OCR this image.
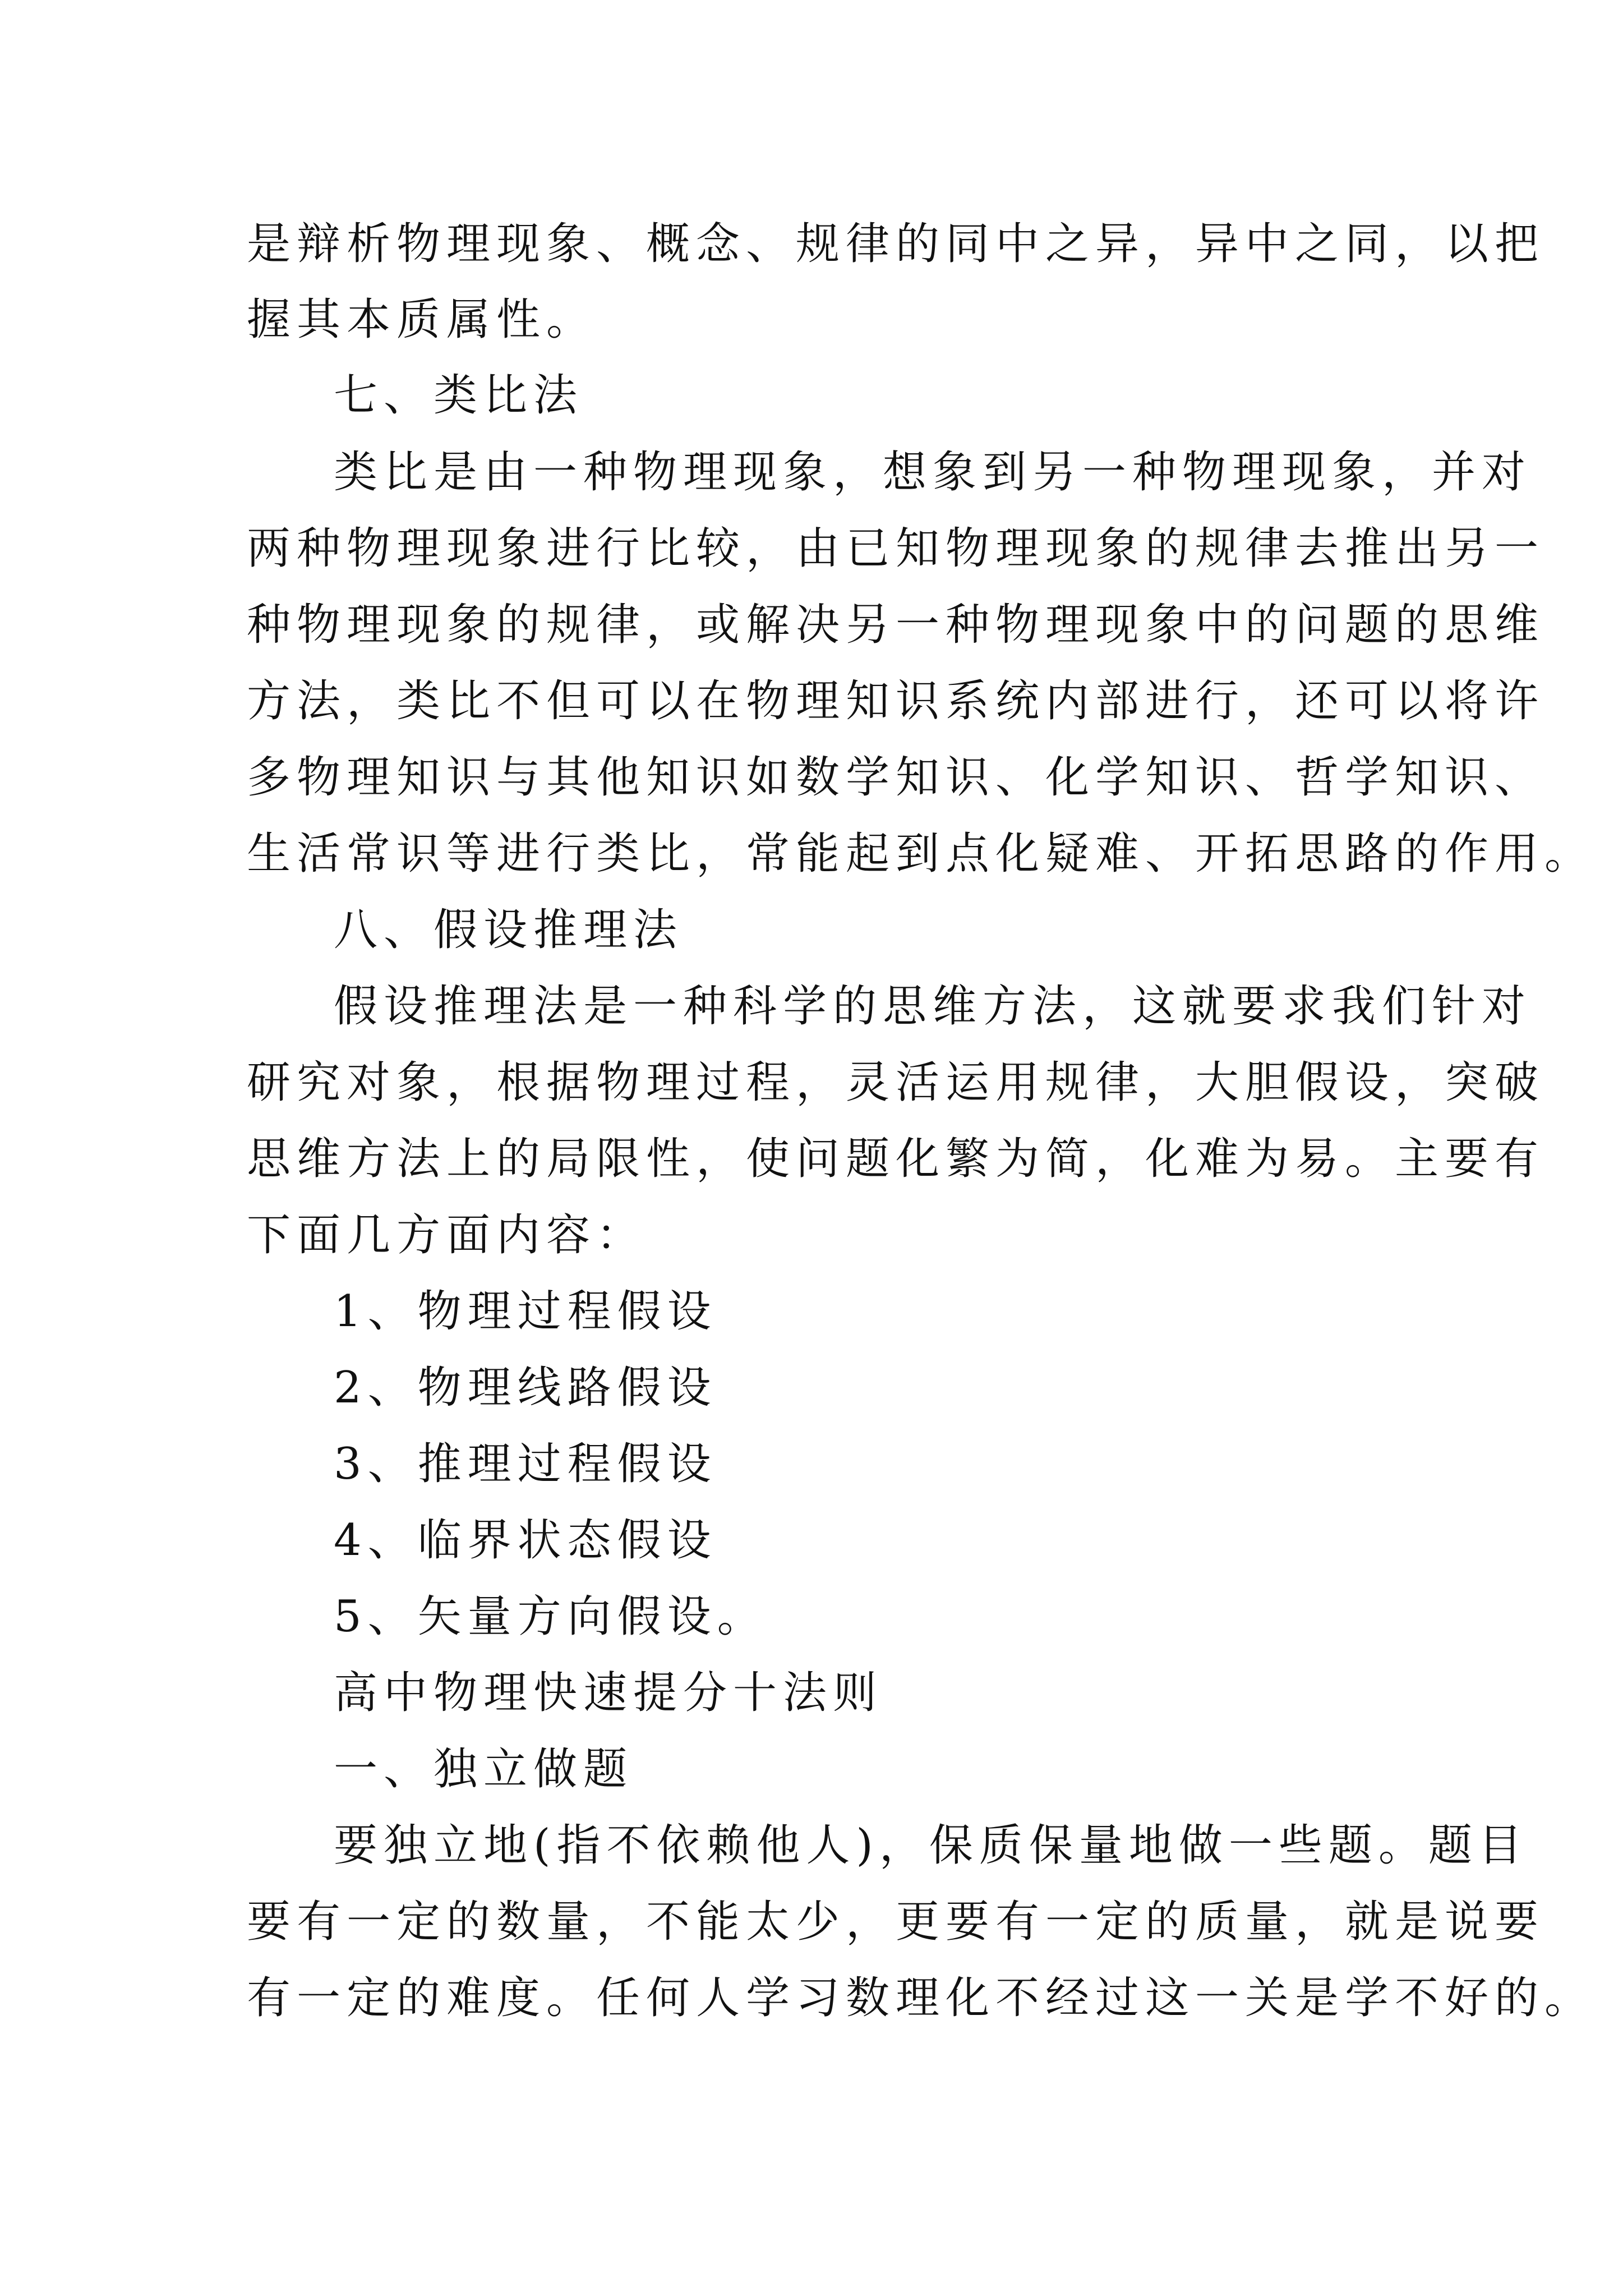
是辩析物理现象、概念、规律的同中之异，异中之同，以把
握其本质属性。
七、类比法
类比是由一种物理现象，想象到另一种物理现象，并对
两种物理现象进行比较，由已知物理现象的规律去推出另一
种物理现象的规律，或解决另一种物理现象中的问题的思维
方法，类比不但可以在物理知识系统内部进行，还可以将许
多物理知识与其他知识如数学知识、化学知识、哲学知识、
生活常识等进行类比，常能起到点化疑难、开拓思路的作用。
八、假设推理法
假设推理法是一种科学的思维方法，这就要求我们针对
研究对象，根据物理过程，灵活运用规律，大胆假设，突破
思维方法上的局限性，使问题化繁为简，化难为易。主要有
下面几方面内容：
1、物理过程假设
2、物理线路假设
3、推理过程假设
4、临界状态假设
5、矢量方向假设。
高中物理快速提分十法则
一、独立做题
要独立地(指不依赖他人)，保质保量地做一些题。题目
要有一定的数量，不能太少，更要有一定的质量，就是说要
有一定的难度。任何人学习数理化不经过这一关是学不好的。
